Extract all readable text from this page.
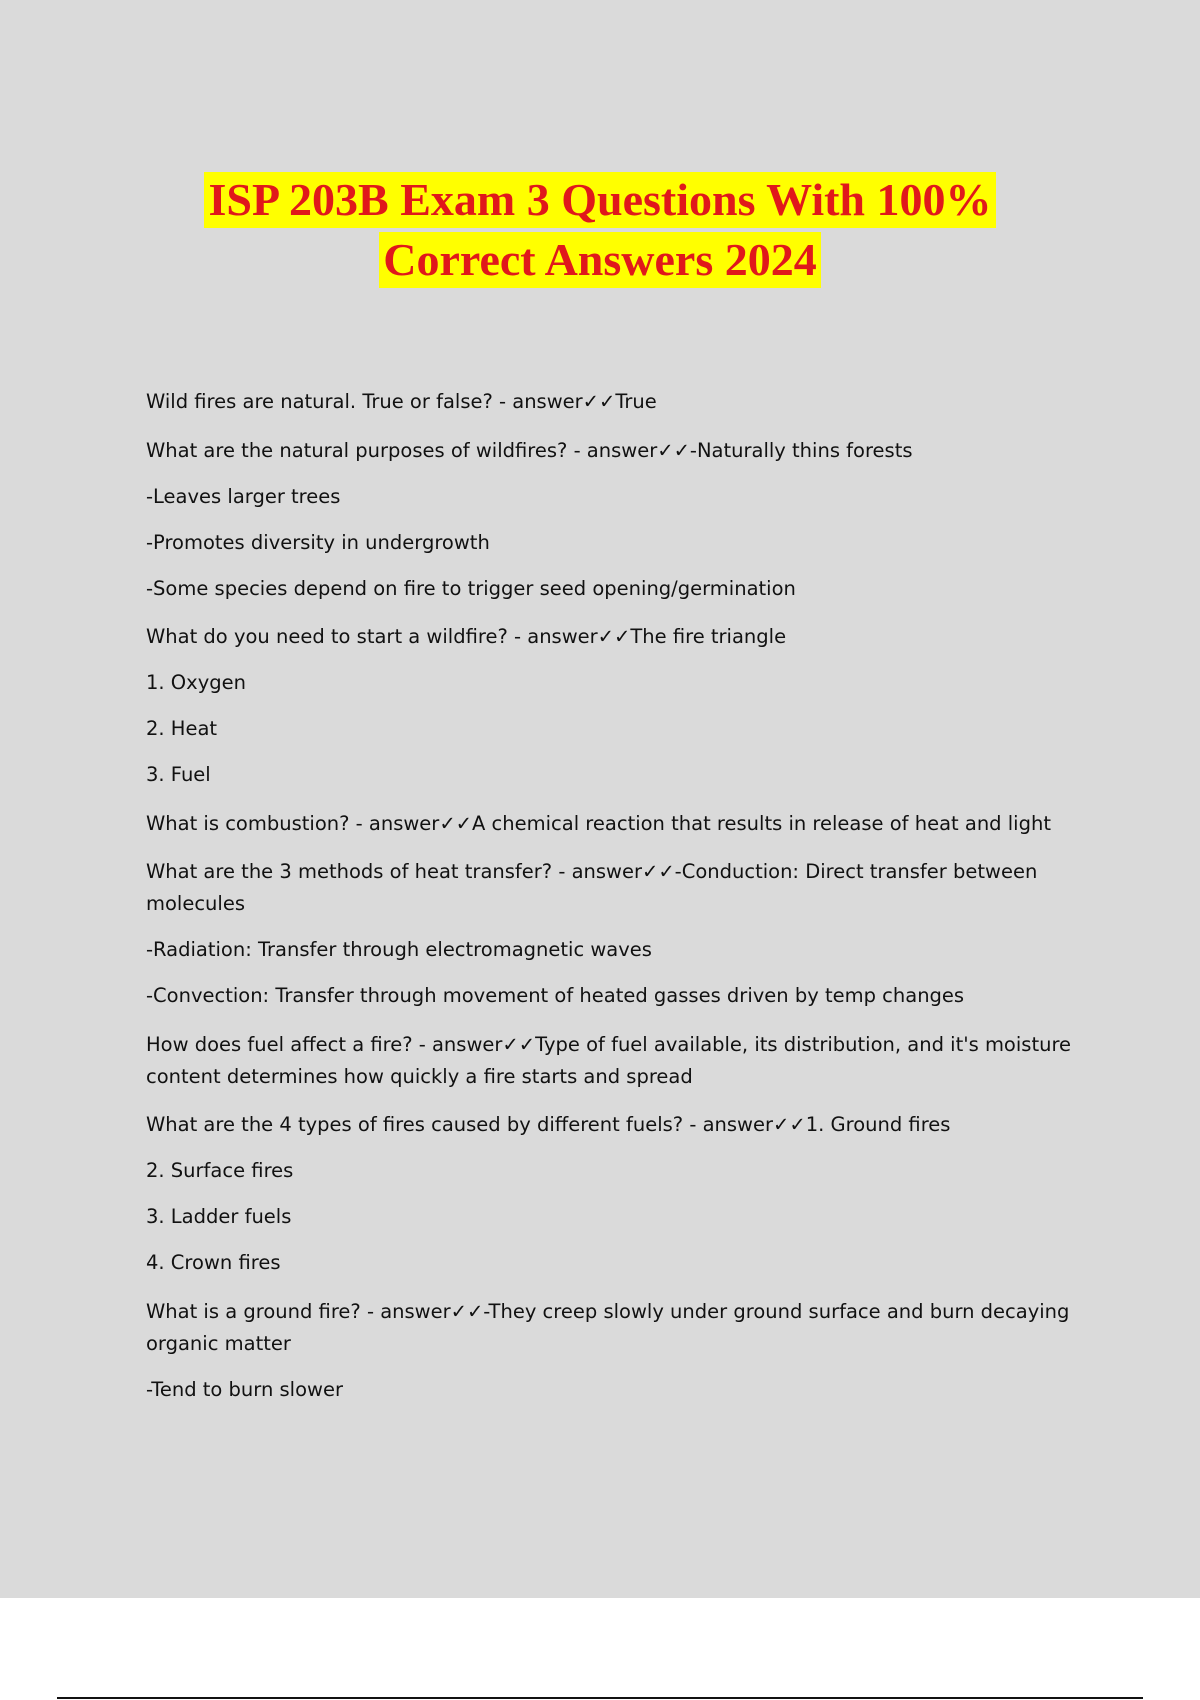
ISP 203B Exam 3 Questions With 100%
Correct Answers 2024

Wild fires are natural. True or false? - answer✓✓True

What are the natural purposes of wildfires? - answer✓✓-Naturally thins forests

-Leaves larger trees

-Promotes diversity in undergrowth

-Some species depend on fire to trigger seed opening/germination

What do you need to start a wildfire? - answer✓✓The fire triangle

1. Oxygen

2. Heat

3. Fuel

What is combustion? - answer✓✓A chemical reaction that results in release of heat and light

What are the 3 methods of heat transfer? - answer✓✓-Conduction: Direct transfer between molecules

-Radiation: Transfer through electromagnetic waves

-Convection: Transfer through movement of heated gasses driven by temp changes

How does fuel affect a fire? - answer✓✓Type of fuel available, its distribution, and it's moisture content determines how quickly a fire starts and spread

What are the 4 types of fires caused by different fuels? - answer✓✓1. Ground fires

2. Surface fires

3. Ladder fuels

4. Crown fires

What is a ground fire? - answer✓✓-They creep slowly under ground surface and burn decaying organic matter

-Tend to burn slower
